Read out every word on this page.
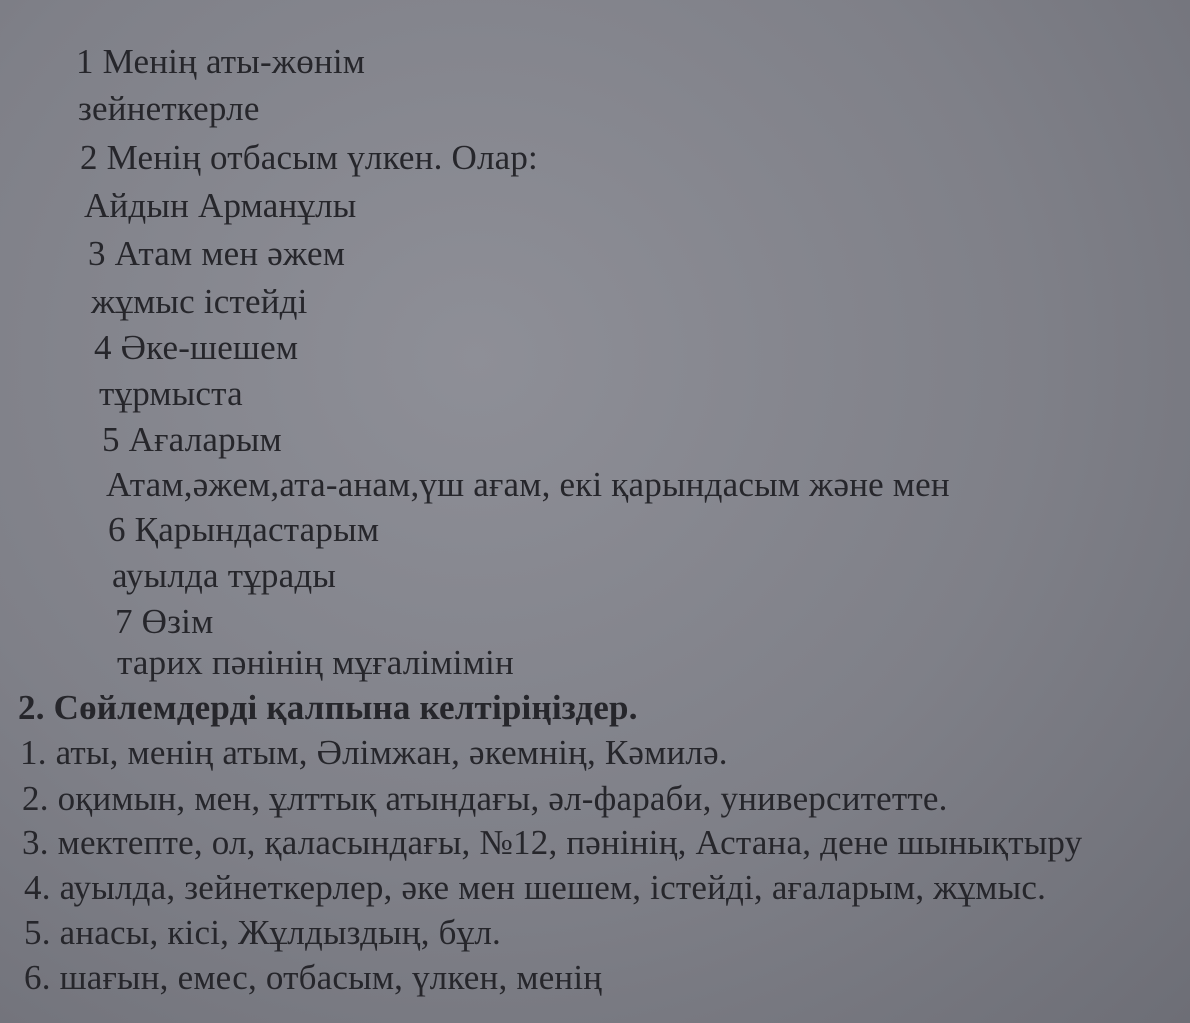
1 Менің аты-жөнім
зейнеткерле
2 Менің отбасым үлкен. Олар:
Айдын Арманұлы
3 Атам мен әжем
жұмыс істейді
4 Әке-шешем
тұрмыста
5 Ағаларым
Атам,әжем,ата-анам,үш ағам, екі қарындасым және мен
6 Қарындастарым
ауылда тұрады
7 Өзім
тарих пәнінің мұғалімімін
2. Сөйлемдерді қалпына келтіріңіздер.
1. аты, менің атым, Әлімжан, әкемнің, Кәмилә.
2. оқимын, мен, ұлттық атындағы, әл-фараби, университетте.
3. мектепте, ол, қаласындағы, №12, пәнінің, Астана, дене шынықтыру
4. ауылда, зейнеткерлер, әке мен шешем, істейді, ағаларым, жұмыс.
5. анасы, кісі, Жұлдыздың, бұл.
6. шағын, емес, отбасым, үлкен, менің
